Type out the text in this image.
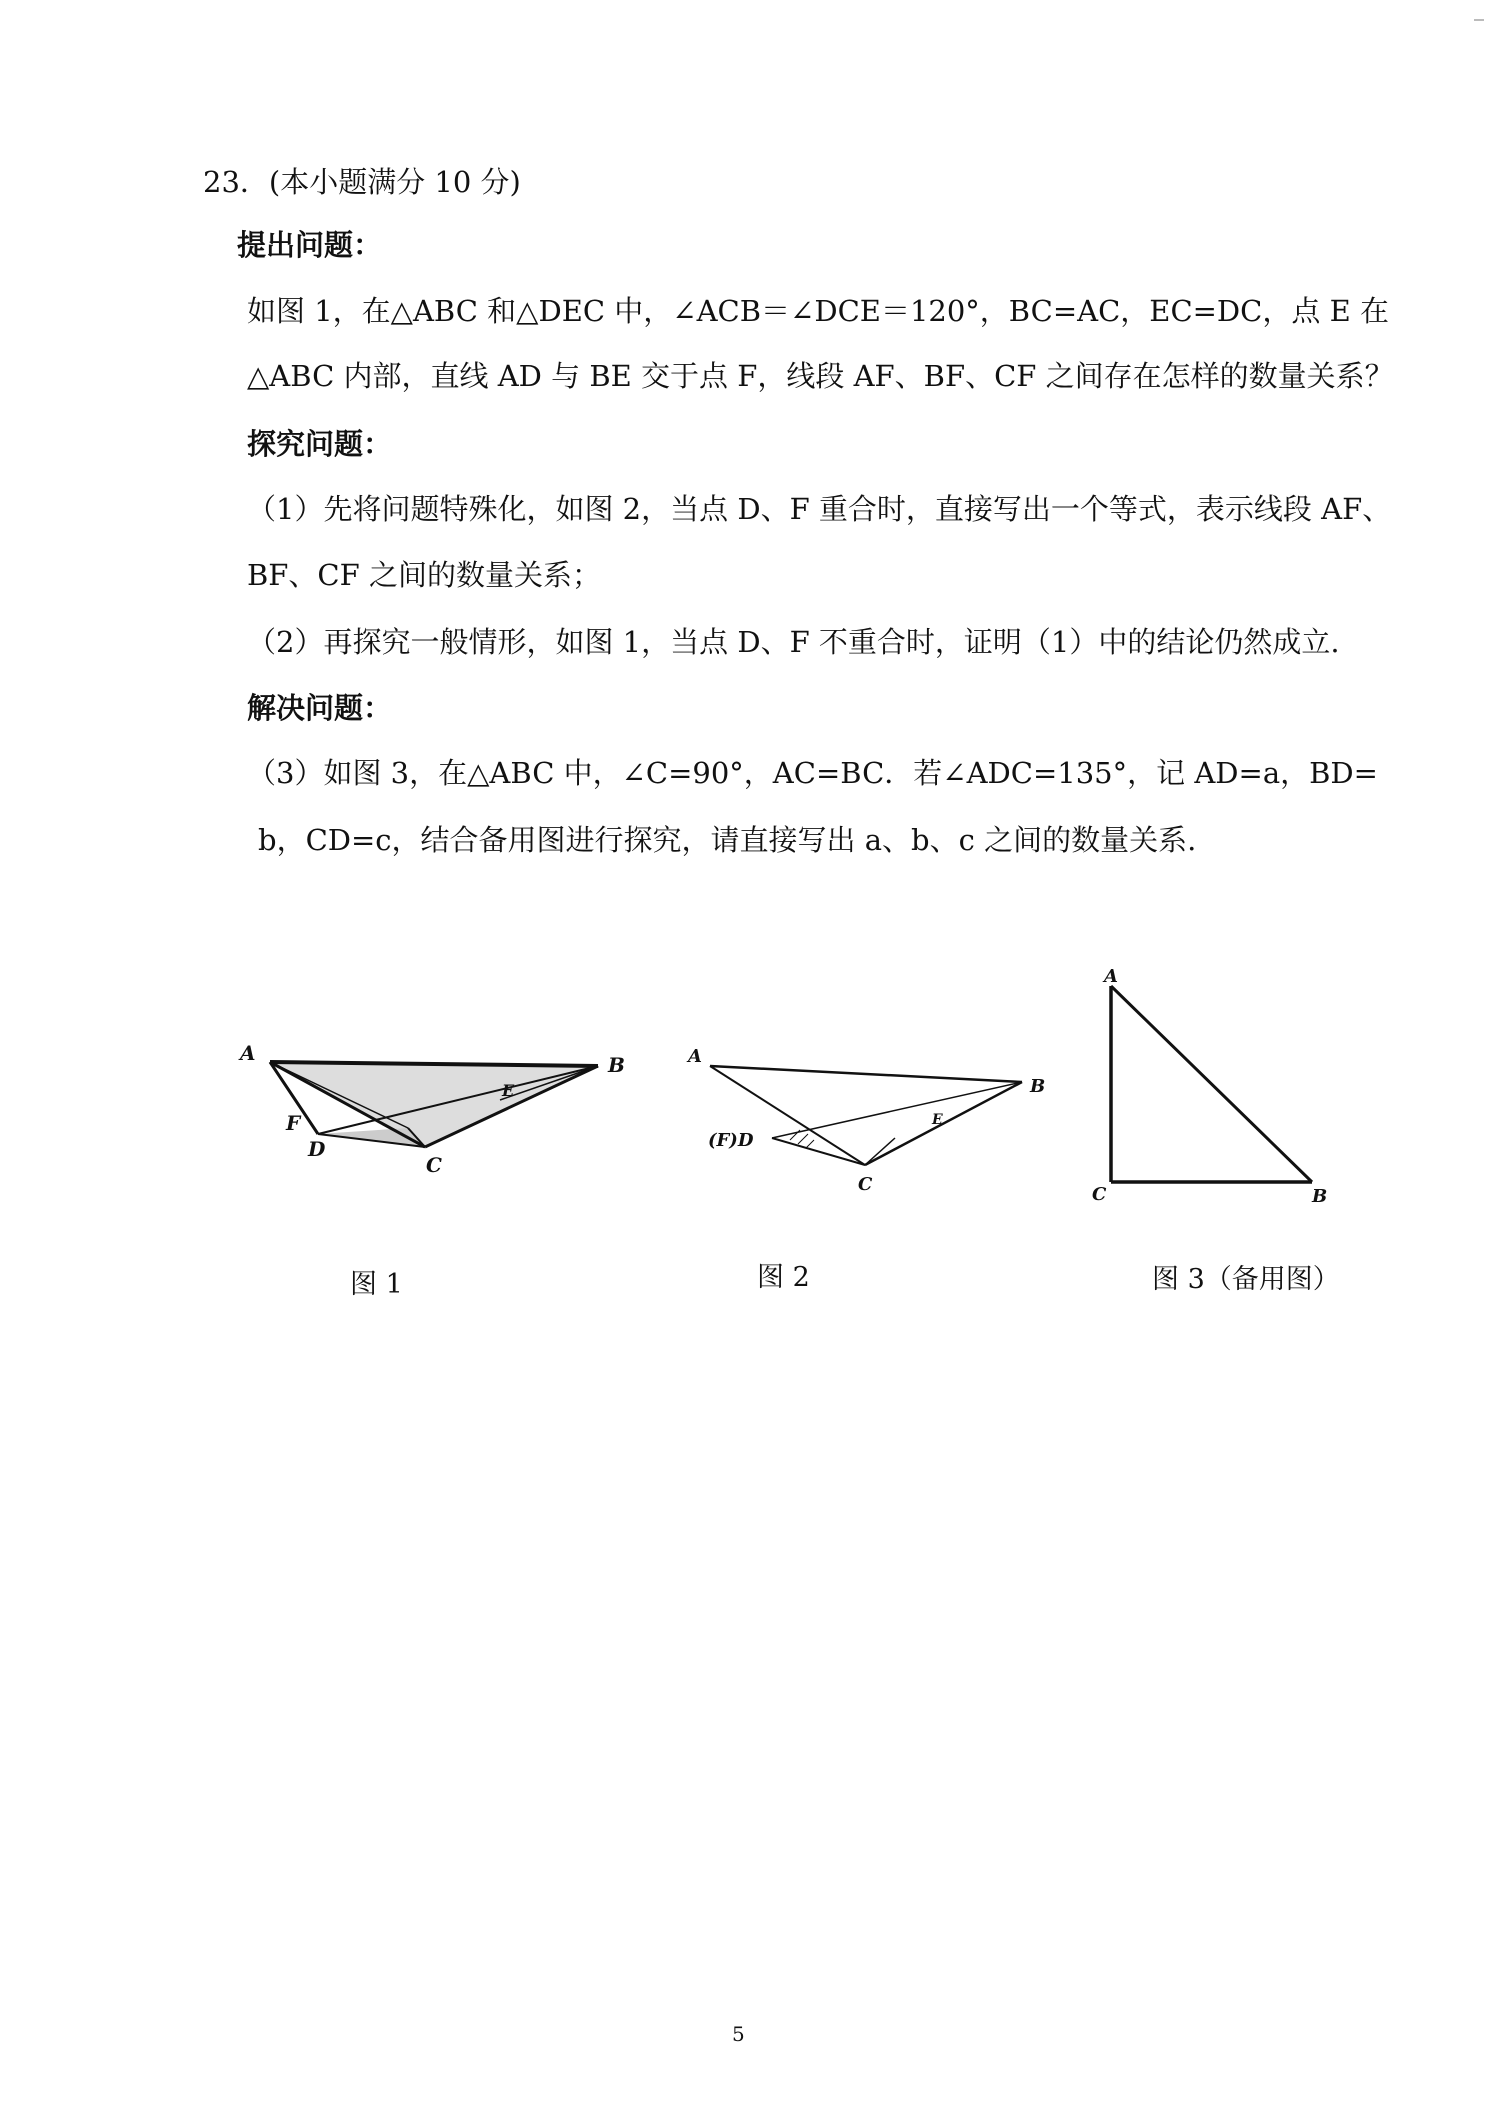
23．(本小题满分 10 分)
提出问题：
如图 1，在△ABC 和△DEC 中，∠ACB＝∠DCE＝120°，BC=AC，EC=DC，点 E 在
△ABC 内部，直线 AD 与 BE 交于点 F，线段 AF、BF、CF 之间存在怎样的数量关系？
探究问题：
（1）先将问题特殊化，如图 2，当点 D、F 重合时，直接写出一个等式，表示线段 AF、
BF、CF 之间的数量关系；
（2）再探究一般情形，如图 1，当点 D、F 不重合时，证明（1）中的结论仍然成立.
解决问题：
（3）如图 3，在△ABC 中，∠C=90°，AC=BC．若∠ADC=135°，记 AD=a，BD=
b，CD=c，结合备用图进行探究，请直接写出 a、b、c 之间的数量关系.
A	B
C
D
E
F
图 1
A
B
C
(F)D
E
图 2
A
C	B
图 3（备用图）
5
